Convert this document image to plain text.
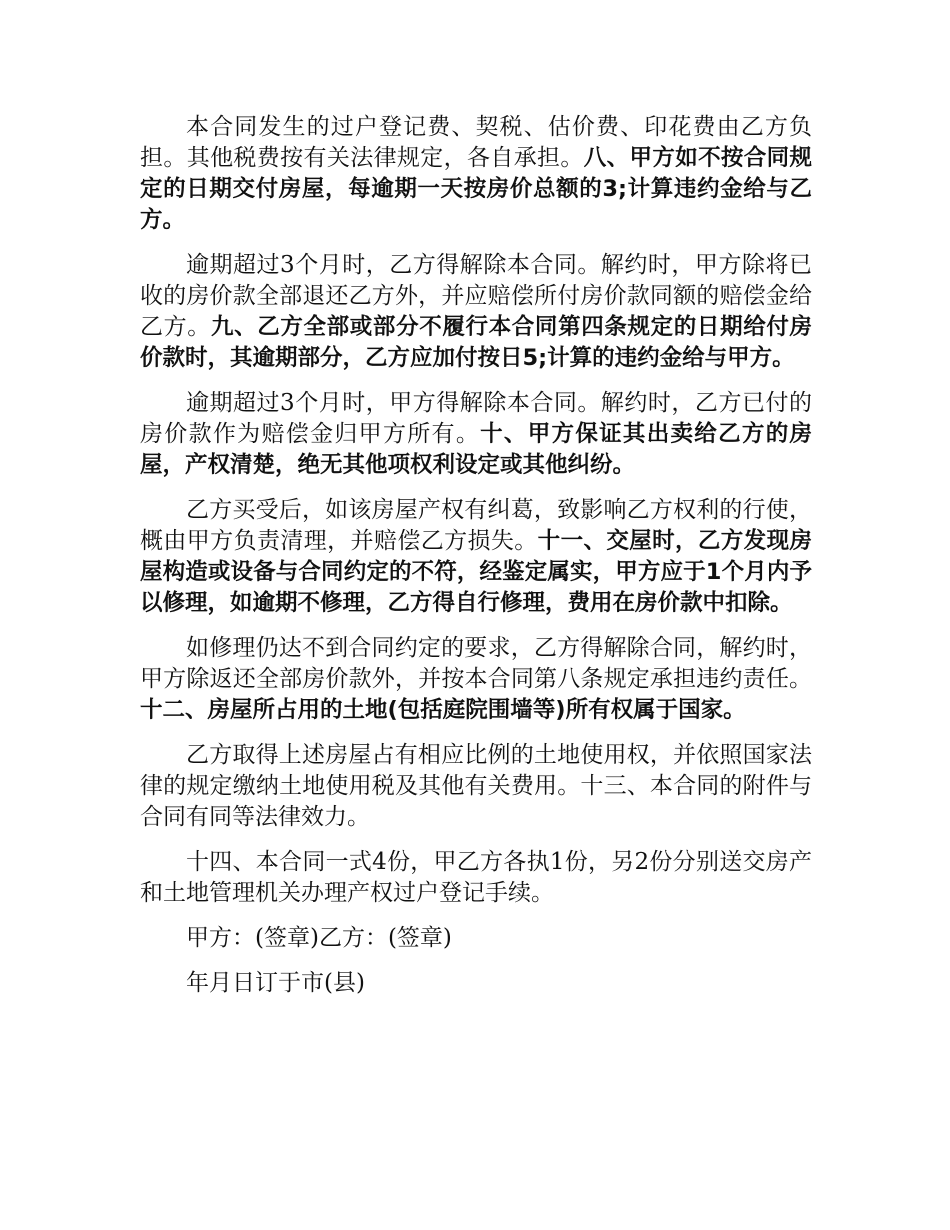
本合同发生的过户登记费、契税、估价费、印花费由乙方负担。其他税费按有关法律规定，各自承担。八、甲方如不按合同规定的日期交付房屋，每逾期一天按房价总额的3;计算违约金给与乙方。

逾期超过3个月时，乙方得解除本合同。解约时，甲方除将已收的房价款全部退还乙方外，并应赔偿所付房价款同额的赔偿金给乙方。九、乙方全部或部分不履行本合同第四条规定的日期给付房价款时，其逾期部分，乙方应加付按日5;计算的违约金给与甲方。

逾期超过3个月时，甲方得解除本合同。解约时，乙方已付的房价款作为赔偿金归甲方所有。十、甲方保证其出卖给乙方的房屋，产权清楚，绝无其他项权利设定或其他纠纷。

乙方买受后，如该房屋产权有纠葛，致影响乙方权利的行使，概由甲方负责清理，并赔偿乙方损失。十一、交屋时，乙方发现房屋构造或设备与合同约定的不符，经鉴定属实，甲方应于1个月内予以修理，如逾期不修理，乙方得自行修理，费用在房价款中扣除。

如修理仍达不到合同约定的要求，乙方得解除合同，解约时，甲方除返还全部房价款外，并按本合同第八条规定承担违约责任。十二、房屋所占用的土地(包括庭院围墙等)所有权属于国家。

乙方取得上述房屋占有相应比例的土地使用权，并依照国家法律的规定缴纳土地使用税及其他有关费用。十三、本合同的附件与合同有同等法律效力。

十四、本合同一式4份，甲乙方各执1份，另2份分别送交房产和土地管理机关办理产权过户登记手续。

甲方：(签章)乙方：(签章)

年月日订于市(县)
